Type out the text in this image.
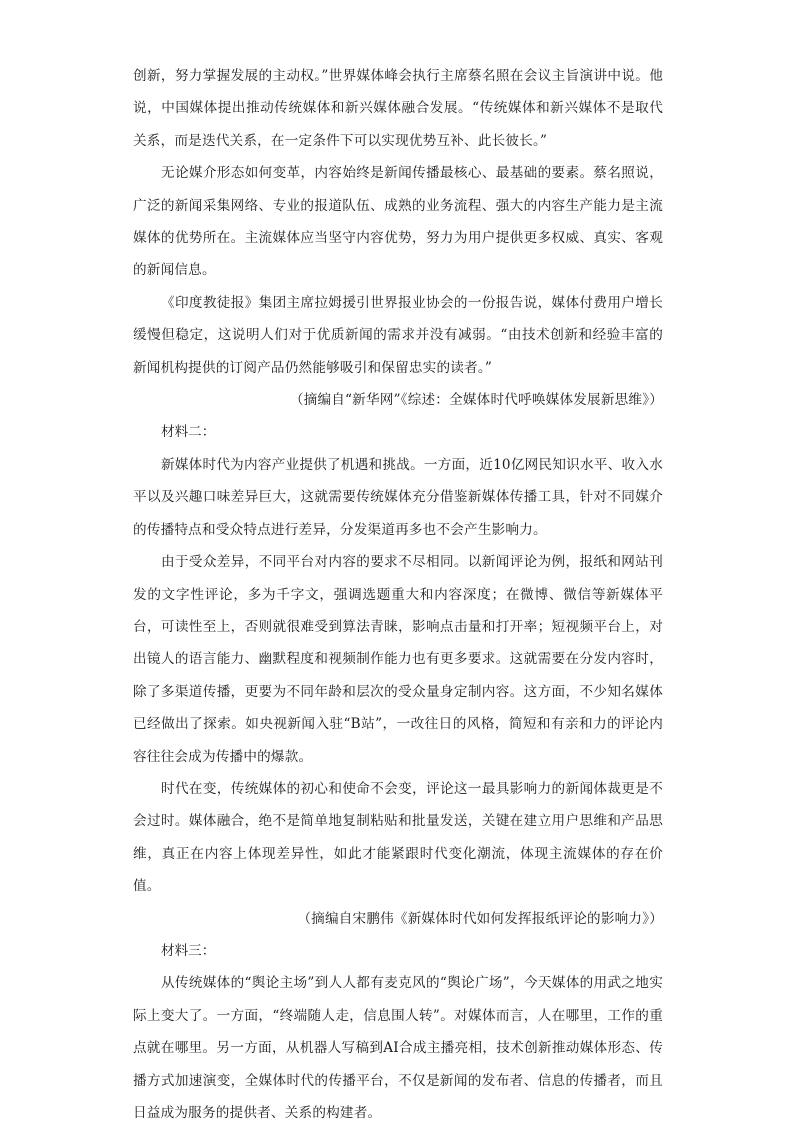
创新，努力掌握发展的主动权。”世界媒体峰会执行主席蔡名照在会议主旨演讲中说。他说，中国媒体提出推动传统媒体和新兴媒体融合发展。“传统媒体和新兴媒体不是取代关系，而是迭代关系，在一定条件下可以实现优势互补、此长彼长。”

无论媒介形态如何变革，内容始终是新闻传播最核心、最基础的要素。蔡名照说，广泛的新闻采集网络、专业的报道队伍、成熟的业务流程、强大的内容生产能力是主流媒体的优势所在。主流媒体应当坚守内容优势，努力为用户提供更多权威、真实、客观的新闻信息。

《印度教徒报》集团主席拉姆援引世界报业协会的一份报告说，媒体付费用户增长缓慢但稳定，这说明人们对于优质新闻的需求并没有减弱。“由技术创新和经验丰富的新闻机构提供的订阅产品仍然能够吸引和保留忠实的读者。”

（摘编自“新华网”《综述：全媒体时代呼唤媒体发展新思维》）

材料二：

新媒体时代为内容产业提供了机遇和挑战。一方面，近10亿网民知识水平、收入水平以及兴趣口味差异巨大，这就需要传统媒体充分借鉴新媒体传播工具，针对不同媒介的传播特点和受众特点进行差异，分发渠道再多也不会产生影响力。

由于受众差异，不同平台对内容的要求不尽相同。以新闻评论为例，报纸和网站刊发的文字性评论，多为千字文，强调选题重大和内容深度；在微博、微信等新媒体平台，可读性至上，否则就很难受到算法青睐，影响点击量和打开率；短视频平台上，对出镜人的语言能力、幽默程度和视频制作能力也有更多要求。这就需要在分发内容时，除了多渠道传播，更要为不同年龄和层次的受众量身定制内容。这方面，不少知名媒体已经做出了探索。如央视新闻入驻“B站”，一改往日的风格，简短和有亲和力的评论内容往往会成为传播中的爆款。

时代在变，传统媒体的初心和使命不会变，评论这一最具影响力的新闻体裁更是不会过时。媒体融合，绝不是简单地复制粘贴和批量发送，关键在建立用户思维和产品思维，真正在内容上体现差异性，如此才能紧跟时代变化潮流，体现主流媒体的存在价值。

（摘编自宋鹏伟《新媒体时代如何发挥报纸评论的影响力》）

材料三：

从传统媒体的“舆论主场”到人人都有麦克风的“舆论广场”，今天媒体的用武之地实际上变大了。一方面，“终端随人走，信息围人转”。对媒体而言，人在哪里，工作的重点就在哪里。另一方面，从机器人写稿到AI合成主播亮相，技术创新推动媒体形态、传播方式加速演变，全媒体时代的传播平台，不仅是新闻的发布者、信息的传播者，而且日益成为服务的提供者、关系的构建者。
